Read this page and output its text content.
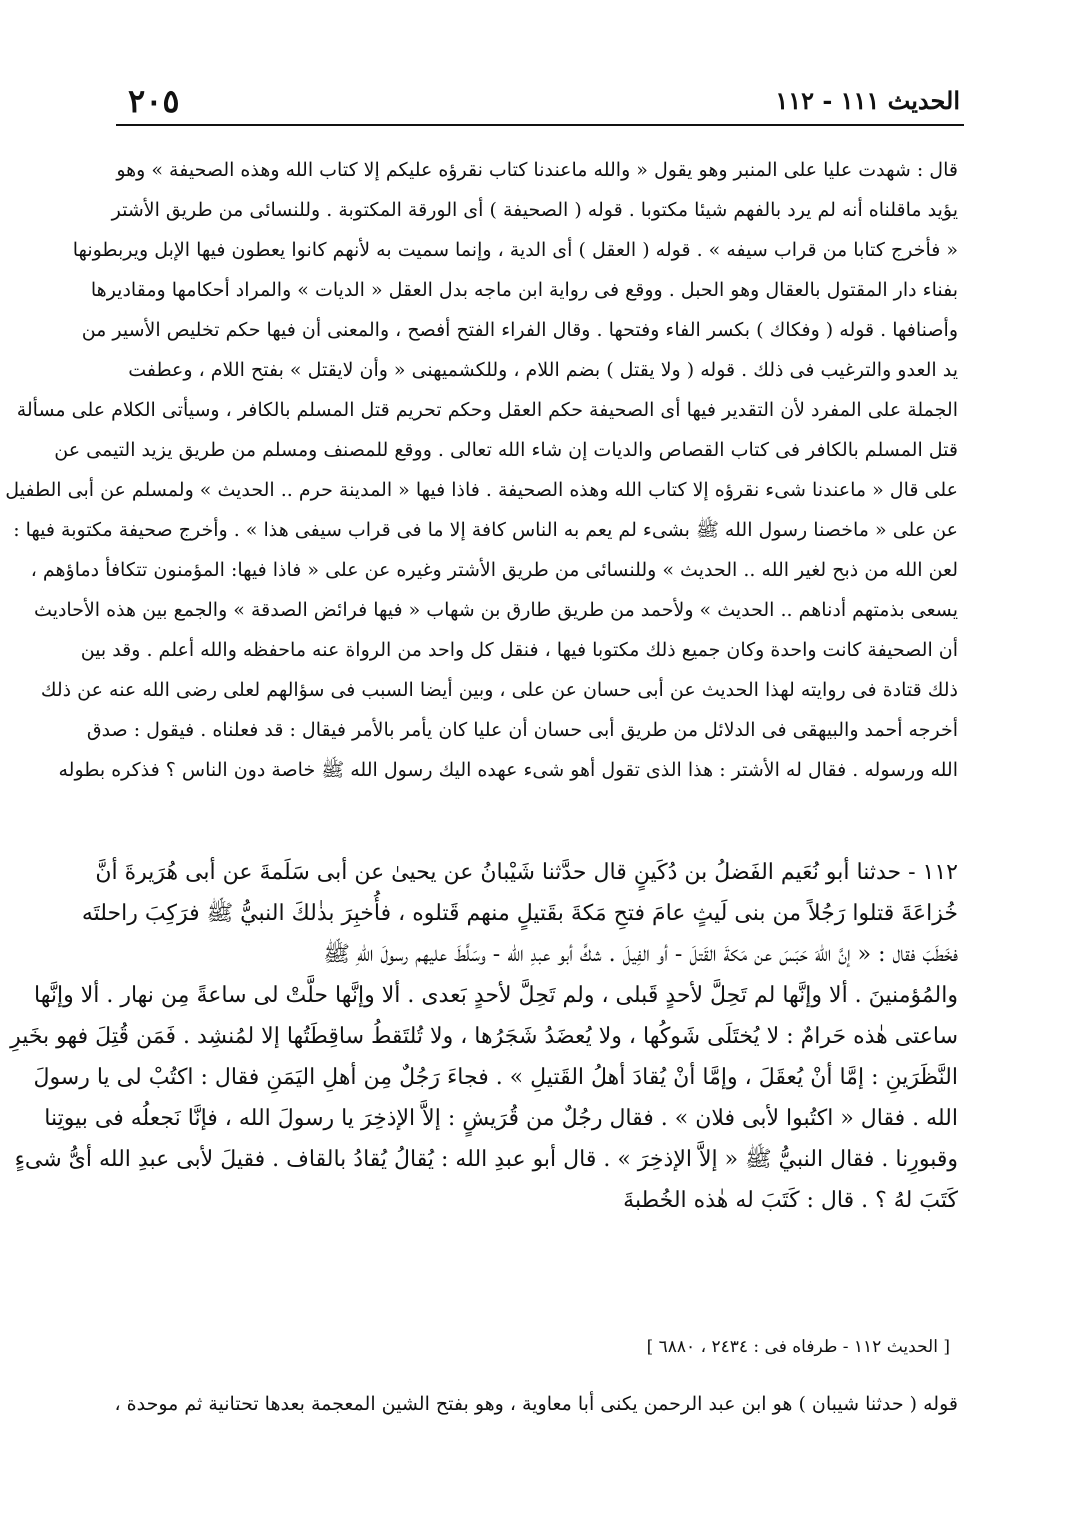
الحديث ١١١ - ١١٢
٢٠٥
قال : شهدت عليا على المنبر وهو يقول « والله ماعندنا كتاب نقرؤه عليكم إلا كتاب الله وهذه الصحيفة » وهو
يؤيد ماقلناه أنه لم يرد بالفهم شيئا مكتوبا . قوله ( الصحيفة ) أى الورقة المكتوبة . وللنسائى من طريق الأشتر
« فأخرج كتابا من قراب سيفه » . قوله ( العقل ) أى الدية ، وإنما سميت به لأنهم كانوا يعطون فيها الإبل ويربطونها
بفناء دار المقتول بالعقال وهو الحبل . ووقع فى رواية ابن ماجه بدل العقل « الديات » والمراد أحكامها ومقاديرها
وأصنافها . قوله ( وفكاك ) بكسر الفاء وفتحها . وقال الفراء الفتح أفصح ، والمعنى أن فيها حكم تخليص الأسير من
يد العدو والترغيب فى ذلك . قوله ( ولا يقتل ) بضم اللام ، وللكشميهنى « وأن لايقتل » بفتح اللام ، وعطفت
الجملة على المفرد لأن التقدير فيها أى الصحيفة حكم العقل وحكم تحريم قتل المسلم بالكافر ، وسيأتى الكلام على مسألة
قتل المسلم بالكافر فى كتاب القصاص والديات إن شاء الله تعالى . ووقع للمصنف ومسلم من طريق يزيد التيمى عن
على قال « ماعندنا شىء نقرؤه إلا كتاب الله وهذه الصحيفة . فاذا فيها « المدينة حرم .. الحديث » ولمسلم عن أبى الطفيل
عن على « ماخصنا رسول الله ﷺ بشىء لم يعم به الناس كافة إلا ما فى قراب سيفى هذا » . وأخرج صحيفة مكتوبة فيها :
لعن الله من ذبح لغير الله .. الحديث » وللنسائى من طريق الأشتر وغيره عن على « فاذا فيها: المؤمنون تتكافأ دماؤهم ،
يسعى بذمتهم أدناهم .. الحديث » ولأحمد من طريق طارق بن شهاب « فيها فرائض الصدقة » والجمع بين هذه الأحاديث
أن الصحيفة كانت واحدة وكان جميع ذلك مكتوبا فيها ، فنقل كل واحد من الرواة عنه ماحفظه والله أعلم . وقد بين
ذلك قتادة فى روايته لهذا الحديث عن أبى حسان عن على ، وبين أيضا السبب فى سؤالهم لعلى رضى الله عنه عن ذلك
أخرجه أحمد والبيهقى فى الدلائل من طريق أبى حسان أن عليا كان يأمر بالأمر فيقال : قد فعلناه . فيقول : صدق
الله ورسوله . فقال له الأشتر : هذا الذى تقول أهو شىء عهده اليك رسول الله ﷺ خاصة دون الناس ؟ فذكره بطوله
١١٢ - حدثنا أبو نُعَيم الفَضلُ بن دُكَينٍ قال حدَّثنا شَيْبانُ عن يحيىٰ عن أبى سَلَمةَ عن أبى هُرَيرةَ أنَّ
خُزاعَةَ قتلوا رَجُلاً من بنى لَيثٍ عامَ فتحِ مَكةَ بقَتيلٍ منهم قَتلوه ، فأُخبِرَ بذٰلكَ النبيُّ ﷺ فرَكِبَ راحلتَه
فخَطَبَ فقال : « إنَّ اللهَ حَبَسَ عن مَكةَ القَتلَ - أو الفِيلَ . شكَّ أبو عبدِ الله - وسَلَّطَ عليهم رسولَ اللهِ ﷺ
والمُؤمنينَ . ألا وإنَّها لم تَحِلَّ لأحدٍ قَبلى ، ولم تَحِلَّ لأحدٍ بَعدى . ألا وإنَّها حلَّتْ لى ساعةً مِن نهار . ألا وإنَّها
ساعتى هٰذه حَرامٌ : لا يُختَلَى شَوكُها ، ولا يُعضَدُ شَجَرُها ، ولا تُلتَقطُ ساقِطَتُها إلا لمُنشِد . فَمَن قُتِلَ فهو بخَيرِ
النَّظَرَينِ : إمَّا أنْ يُعقَلَ ، وإمَّا أنْ يُقادَ أهلُ القَتيلِ » . فجاءَ رَجُلٌ مِن أهلِ اليَمَنِ فقال : اكتُبْ لى يا رسولَ
الله . فقال « اكتُبوا لأبى فلان » . فقال رجُلٌ من قُرَيشٍ : إلاَّ الإذخِرَ يا رسولَ الله ، فإنَّا نَجعلُه فى بيوتِنا
وقبورِنا . فقال النبيُّ ﷺ « إلاَّ الإذخِرَ » . قال أبو عبدِ الله : يُقالُ يُقادُ بالقاف . فقيلَ لأبى عبدِ الله أىُّ شىءٍ
كَتَبَ لهُ ؟ . قال : كَتَبَ له هٰذه الخُطبةَ
[ الحديث ١١٢ - طرفاه فى : ٢٤٣٤ ، ٦٨٨٠ ]
قوله ( حدثنا شيبان ) هو ابن عبد الرحمن يكنى أبا معاوية ، وهو بفتح الشين المعجمة بعدها تحتانية ثم موحدة ،
